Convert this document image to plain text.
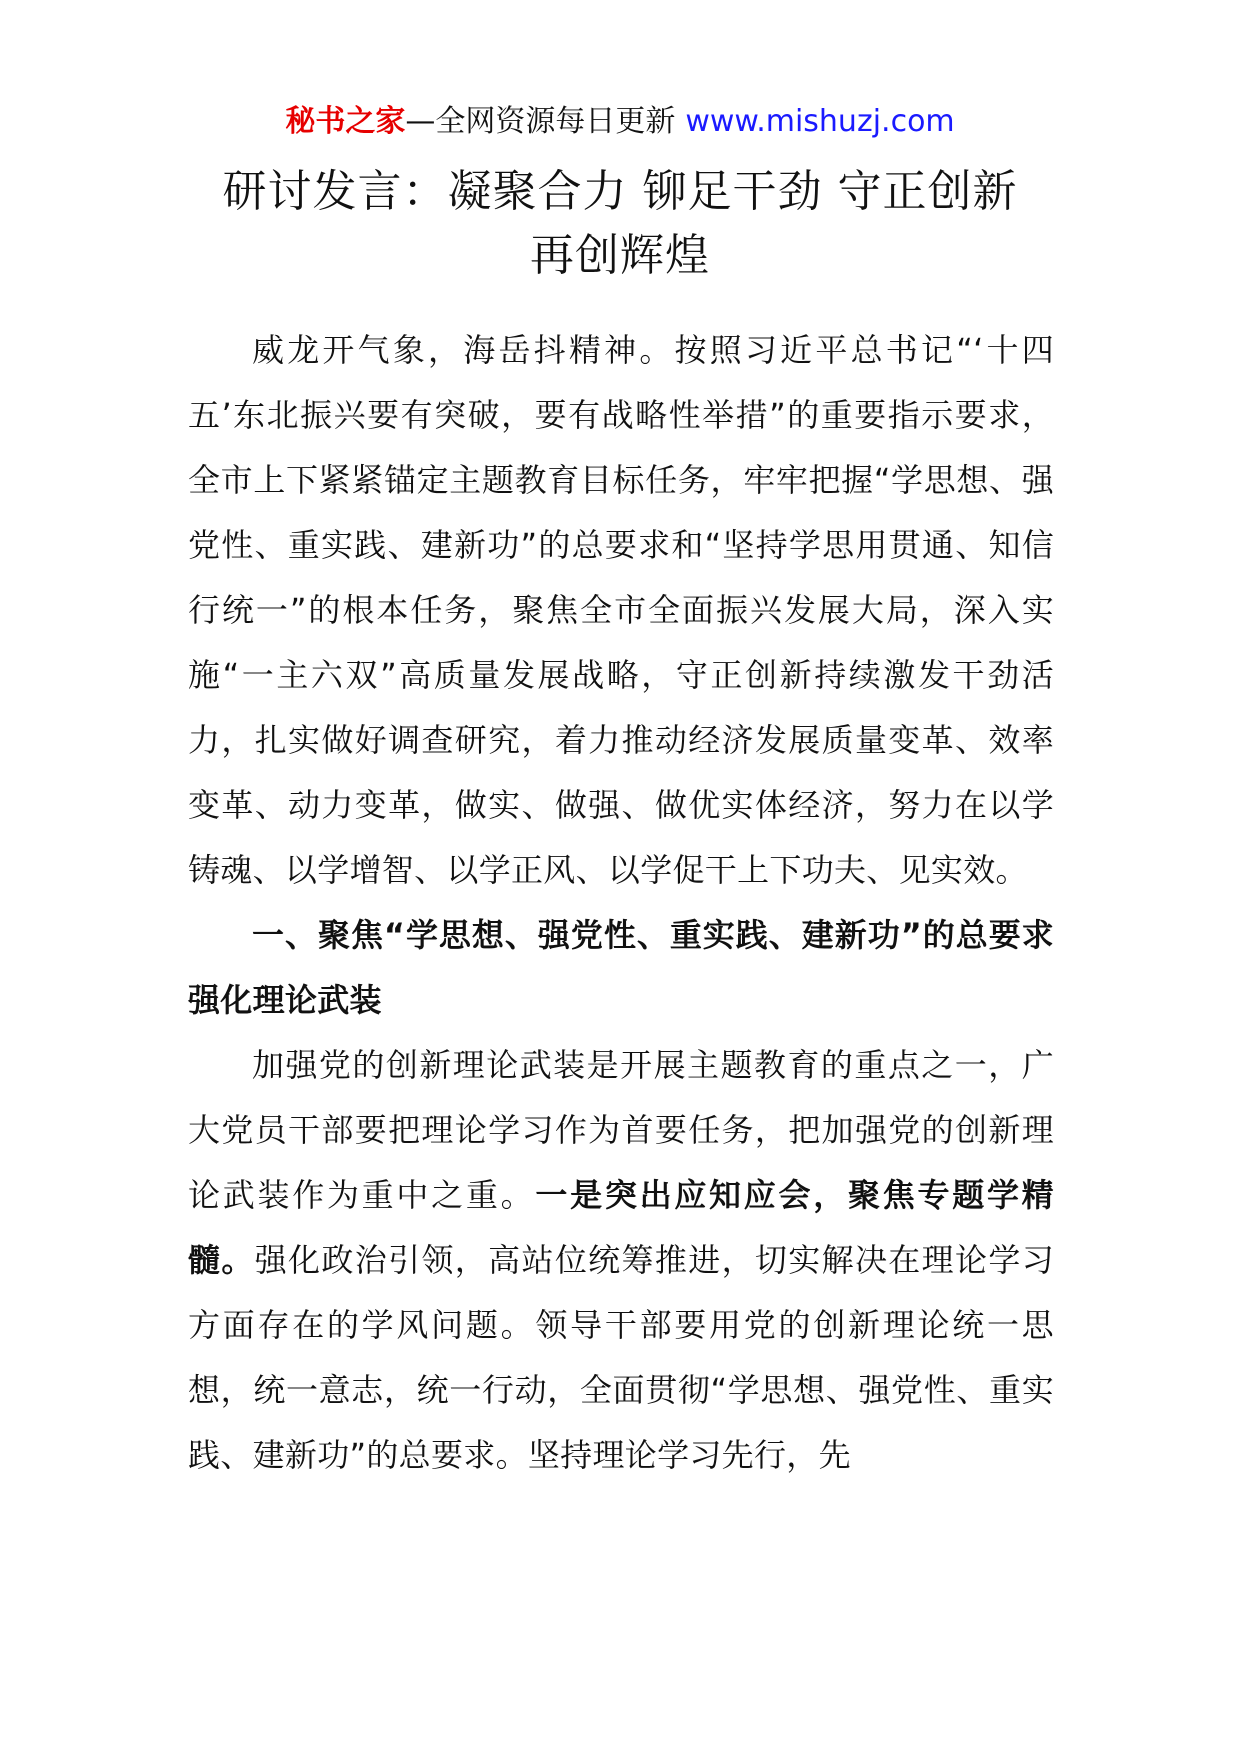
秘书之家—全网资源每日更新 www.mishuzj.com
研讨发言：凝聚合力 铆足干劲 守正创新
再创辉煌

威龙开气象，海岳抖精神。按照习近平总书记“‘十四五’东北振兴要有突破，要有战略性举措”的重要指示要求，全市上下紧紧锚定主题教育目标任务，牢牢把握“学思想、强党性、重实践、建新功”的总要求和“坚持学思用贯通、知信行统一”的根本任务，聚焦全市全面振兴发展大局，深入实施“一主六双”高质量发展战略，守正创新持续激发干劲活力，扎实做好调查研究，着力推动经济发展质量变革、效率变革、动力变革，做实、做强、做优实体经济，努力在以学铸魂、以学增智、以学正风、以学促干上下功夫、见实效。

一、聚焦“学思想、强党性、重实践、建新功”的总要求强化理论武装

加强党的创新理论武装是开展主题教育的重点之一，广大党员干部要把理论学习作为首要任务，把加强党的创新理论武装作为重中之重。一是突出应知应会，聚焦专题学精髓。强化政治引领，高站位统筹推进，切实解决在理论学习方面存在的学风问题。领导干部要用党的创新理论统一思想，统一意志，统一行动，全面贯彻“学思想、强党性、重实践、建新功”的总要求。坚持理论学习先行，先
